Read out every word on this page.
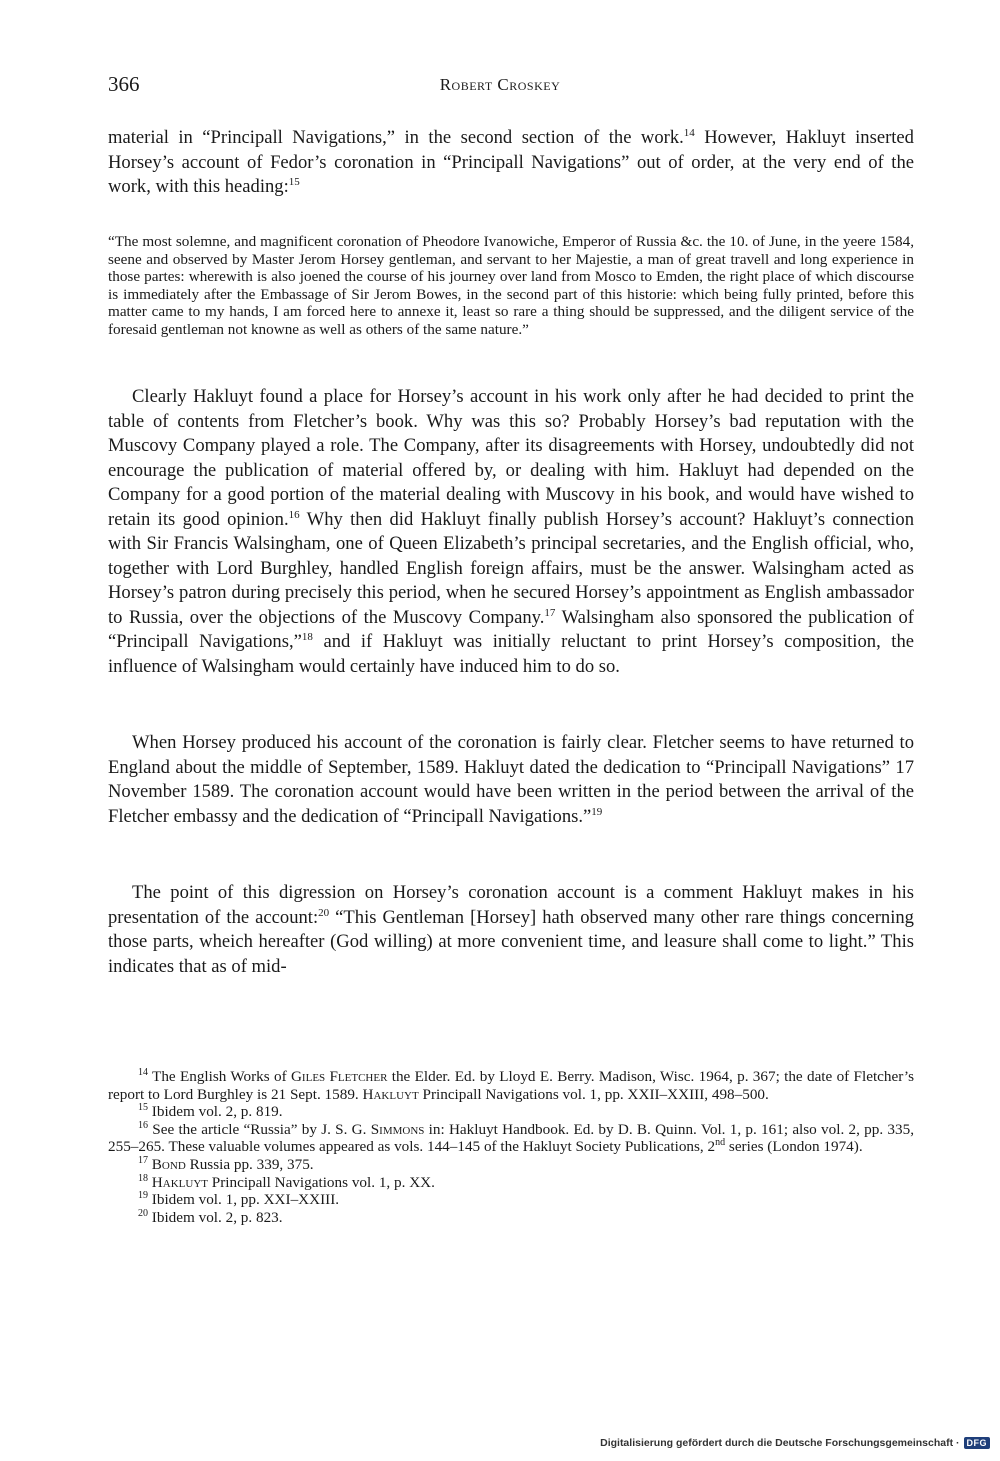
366	Robert Croskey

material in “Principall Navigations,” in the second section of the work.$^{14}$ However, Hakluyt inserted Horsey’s account of Fedor’s coronation in “Principall Navigations” out of order, at the very end of the work, with this heading:$^{15}$

“The most solemne, and magnificent coronation of Pheodore Ivanowiche, Emperor of Russia &c. the 10. of June, in the yeere 1584, seene and observed by Master Jerom Horsey gentleman, and servant to her Majestie, a man of great travell and long experience in those partes: wherewith is also joened the course of his journey over land from Mosco to Emden, the right place of which discourse is immediately after the Embassage of Sir Jerom Bowes, in the second part of this historie: which being fully printed, before this matter came to my hands, I am forced here to annexe it, least so rare a thing should be suppressed, and the diligent service of the foresaid gentleman not knowne as well as others of the same nature.”

Clearly Hakluyt found a place for Horsey’s account in his work only after he had decided to print the table of contents from Fletcher’s book. Why was this so? Probably Horsey’s bad reputation with the Muscovy Company played a role. The Company, after its disagreements with Horsey, undoubtedly did not encourage the publication of material offered by, or dealing with him. Hakluyt had depended on the Company for a good portion of the material dealing with Muscovy in his book, and would have wished to retain its good opinion.$^{16}$ Why then did Hakluyt finally publish Horsey’s account? Hakluyt’s connection with Sir Francis Walsingham, one of Queen Elizabeth’s principal secretaries, and the English official, who, together with Lord Burghley, handled English foreign affairs, must be the answer. Walsingham acted as Horsey’s patron during precisely this period, when he secured Horsey’s appointment as English ambassador to Russia, over the objections of the Muscovy Company.$^{17}$ Walsingham also sponsored the publication of “Principall Navigations,”$^{18}$ and if Hakluyt was initially reluctant to print Horsey’s composition, the influence of Walsingham would certainly have induced him to do so.

When Horsey produced his account of the coronation is fairly clear. Fletcher seems to have returned to England about the middle of September, 1589. Hakluyt dated the dedication to “Principall Navigations” 17 November 1589. The coronation account would have been written in the period between the arrival of the Fletcher embassy and the dedication of “Principall Navigations.”$^{19}$

The point of this digression on Horsey’s coronation account is a comment Hakluyt makes in his presentation of the account:$^{20}$ “This Gentleman [Horsey] hath observed many other rare things concerning those parts, wheich hereafter (God willing) at more convenient time, and leasure shall come to light.” This indicates that as of mid-

$^{14}$ The English Works of Giles Fletcher the Elder. Ed. by Lloyd E. Berry. Madison, Wisc. 1964, p. 367; the date of Fletcher’s report to Lord Burghley is 21 Sept. 1589. Hakluyt Principall Navigations vol. 1, pp. XXII–XXIII, 498–500.

$^{15}$ Ibidem vol. 2, p. 819.

$^{16}$ See the article “Russia” by J. S. G. Simmons in: Hakluyt Handbook. Ed. by D. B. Quinn. Vol. 1, p. 161; also vol. 2, pp. 335, 255–265. These valuable volumes appeared as vols. 144–145 of the Hakluyt Society Publications, 2nd series (London 1974).

$^{17}$ Bond Russia pp. 339, 375.

$^{18}$ Hakluyt Principall Navigations vol. 1, p. XX.

$^{19}$ Ibidem vol. 1, pp. XXI–XXIII.

$^{20}$ Ibidem vol. 2, p. 823.

Digitalisierung gefördert durch die Deutsche Forschungsgemeinschaft · DFG
